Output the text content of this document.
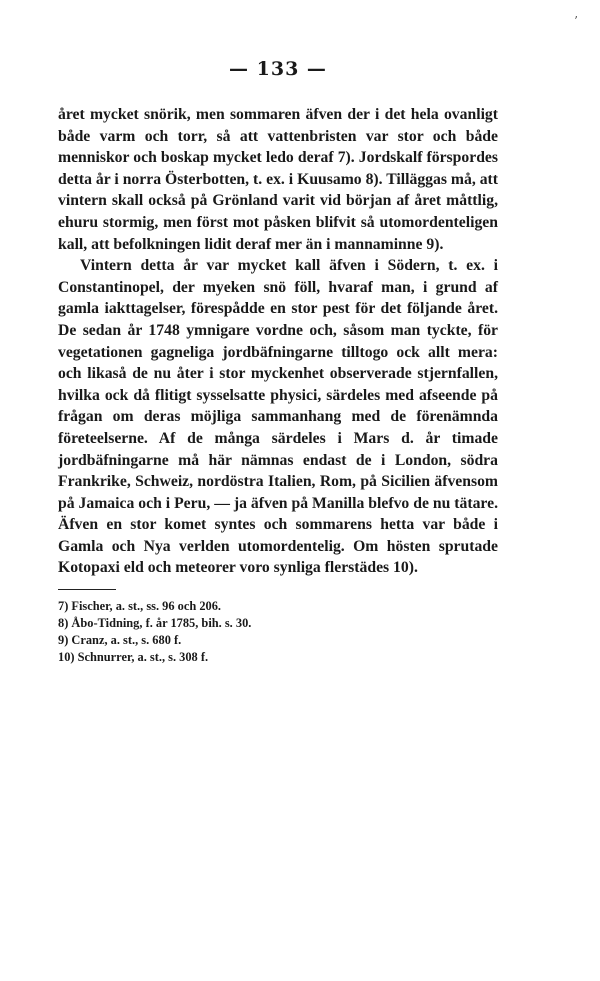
’
— 133 —

året mycket snörik, men sommaren äfven der i det hela ovanligt både varm och torr, så att vattenbristen var stor och både menniskor och boskap mycket ledo deraf 7). Jordskalf förspordes detta år i norra Österbotten, t. ex. i Kuusamo 8). Tilläggas må, att vintern skall också på Grönland varit vid början af året måttlig, ehuru stormig, men först mot påsken blifvit så utomordenteligen kall, att befolkningen lidit deraf mer än i mannaminne 9).

Vintern detta år var mycket kall äfven i Södern, t. ex. i Constantinopel, der myeken snö föll, hvaraf man, i grund af gamla iakttagelser, förespådde en stor pest för det följande året. De sedan år 1748 ymnigare vordne och, såsom man tyckte, för vegetationen gagneliga jordbäfningarne tilltogo ock allt mera: och likaså de nu åter i stor myckenhet observerade stjernfallen, hvilka ock då flitigt sysselsatte physici, särdeles med afseende på frågan om deras möjliga sammanhang med de förenämnda företeelserne. Af de många särdeles i Mars d. år timade jordbäfningarne må här nämnas endast de i London, södra Frankrike, Schweiz, nordöstra Italien, Rom, på Sicilien äfvensom på Jamaica och i Peru, — ja äfven på Manilla blefvo de nu tätare. Äfven en stor komet syntes och sommarens hetta var både i Gamla och Nya verlden utomordentelig. Om hösten sprutade Kotopaxi eld och meteorer voro synliga flerstädes 10).

7) Fischer, a. st., ss. 96 och 206.
8) Åbo-Tidning, f. år 1785, bih. s. 30.
9) Cranz, a. st., s. 680 f.
10) Schnurrer, a. st., s. 308 f.
